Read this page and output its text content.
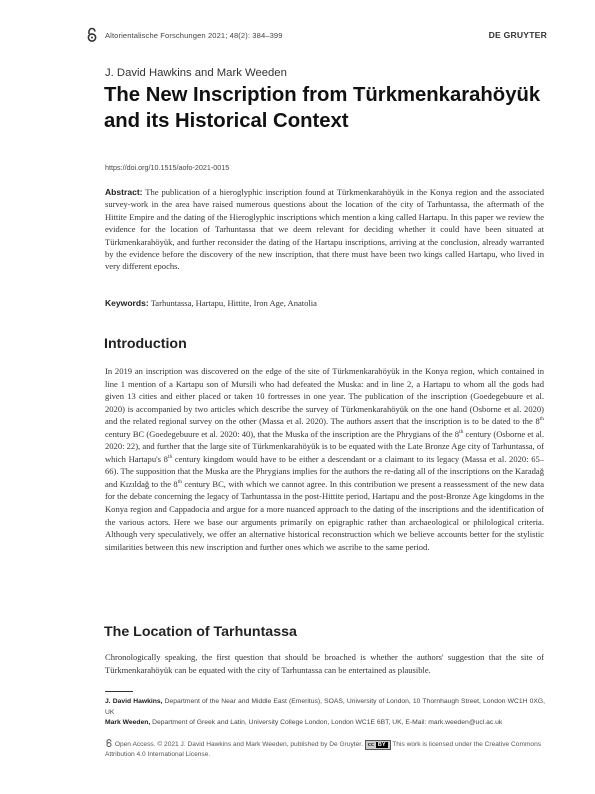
Altorientalische Forschungen 2021; 48(2): 384–399	DE GRUYTER
J. David Hawkins and Mark Weeden
The New Inscription from Türkmenkarahöyük and its Historical Context
https://doi.org/10.1515/aofo-2021-0015

Abstract: The publication of a hieroglyphic inscription found at Türkmenkarahöyük in the Konya region and the associated survey-work in the area have raised numerous questions about the location of the city of Tarhuntassa, the aftermath of the Hittite Empire and the dating of the Hieroglyphic inscriptions which mention a king called Hartapu. In this paper we review the evidence for the location of Tarhuntassa that we deem relevant for deciding whether it could have been situated at Türkmenkarahöyük, and further reconsider the dating of the Hartapu inscriptions, arriving at the conclusion, already warranted by the evidence before the discovery of the new inscription, that there must have been two kings called Hartapu, who lived in very different epochs.

Keywords: Tarhuntassa, Hartapu, Hittite, Iron Age, Anatolia
Introduction

In 2019 an inscription was discovered on the edge of the site of Türkmenkarahöyük in the Konya region, which contained in line 1 mention of a Kartapu son of Mursili who had defeated the Muska: and in line 2, a Hartapu to whom all the gods had given 13 cities and either placed or taken 10 fortresses in one year. The publication of the inscription (Goedegebuure et al. 2020) is accompanied by two articles which describe the survey of Türkmenkarahöyük on the one hand (Osborne et al. 2020) and the related regional survey on the other (Massa et al. 2020). The authors assert that the inscription is to be dated to the 8th century BC (Goedegebuure et al. 2020: 40), that the Muska of the inscription are the Phrygians of the 8th century (Osborne et al. 2020: 22), and further that the large site of Türkmenkarahöyük is to be equated with the Late Bronze Age city of Tarhuntassa, of which Hartapu's 8th century kingdom would have to be either a descendant or a claimant to its legacy (Massa et al. 2020: 65–66). The supposition that the Muska are the Phrygians implies for the authors the re-dating all of the inscriptions on the Karadağ and Kızıldağ to the 8th century BC, with which we cannot agree. In this contribution we present a reassessment of the new data for the debate concerning the legacy of Tarhuntassa in the post-Hittite period, Hartapu and the post-Bronze Age kingdoms in the Konya region and Cappadocia and argue for a more nuanced approach to the dating of the inscriptions and the identification of the various actors. Here we base our arguments primarily on epigraphic rather than archaeological or philological criteria. Although very speculatively, we offer an alternative historical reconstruction which we believe accounts better for the stylistic similarities between this new inscription and further ones which we ascribe to the same period.

The Location of Tarhuntassa

Chronologically speaking, the first question that should be broached is whether the authors' suggestion that the site of Türkmenkarahöyük can be equated with the city of Tarhuntassa can be entertained as plausible.

J. David Hawkins, Department of the Near and Middle East (Emeritus), SOAS, University of London, 10 Thornhaugh Street, London WC1H 0XG, UK
Mark Weeden, Department of Greek and Latin, University College London, London WC1E 6BT, UK, E-Mail: mark.weeden@ucl.ac.uk
Open Access. © 2021 J. David Hawkins and Mark Weeden, published by De Gruyter. cc BY This work is licensed under the Creative Commons Attribution 4.0 International License.
